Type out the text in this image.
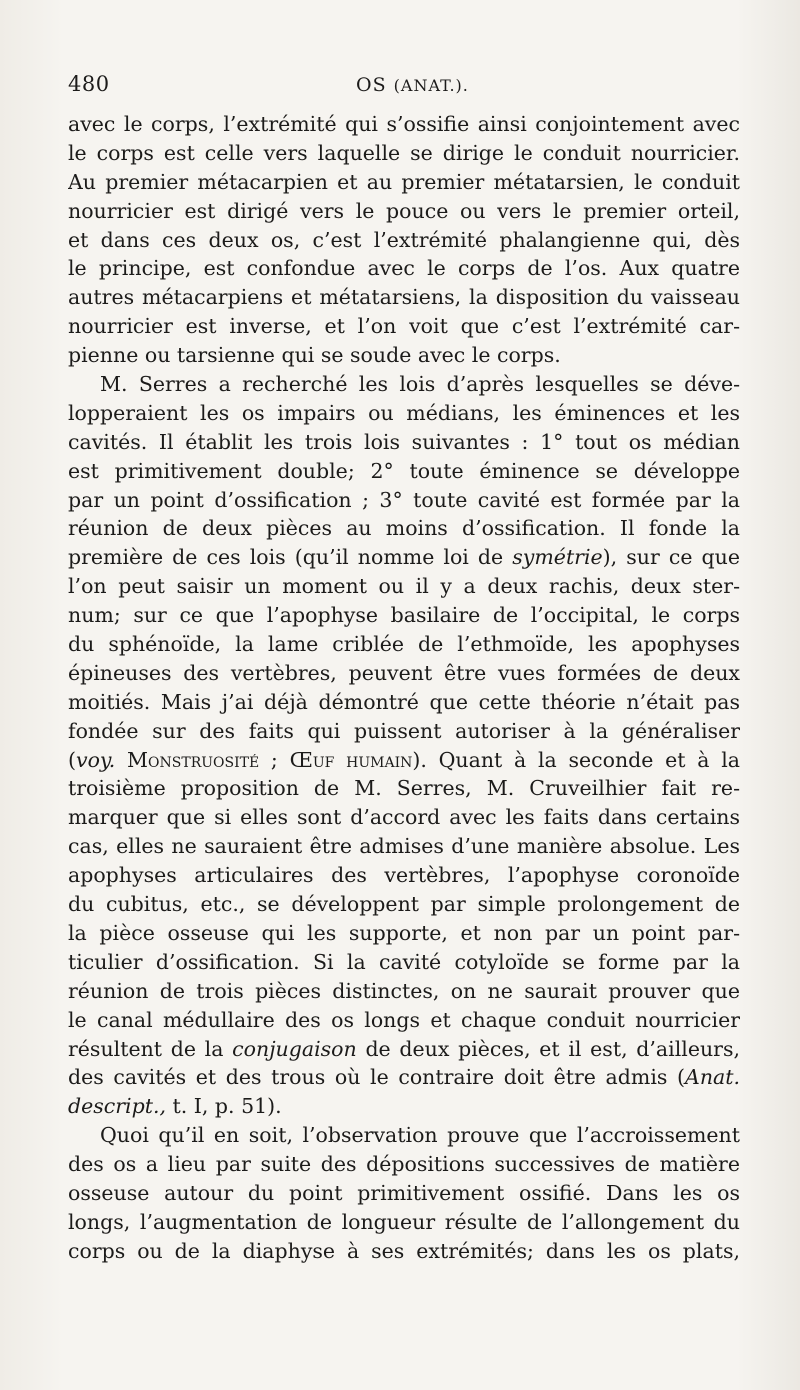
480	OS (ANAT.).
avec le corps, l’extrémité qui s’ossifie ainsi conjointement avec
le corps est celle vers laquelle se dirige le conduit nourricier.
Au premier métacarpien et au premier métatarsien, le conduit
nourricier est dirigé vers le pouce ou vers le premier orteil,
et dans ces deux os, c’est l’extrémité phalangienne qui, dès
le principe, est confondue avec le corps de l’os. Aux quatre
autres métacarpiens et métatarsiens, la disposition du vaisseau
nourricier est inverse, et l’on voit que c’est l’extrémité car-
pienne ou tarsienne qui se soude avec le corps.
M. Serres a recherché les lois d’après lesquelles se déve-
lopperaient les os impairs ou médians, les éminences et les
cavités. Il établit les trois lois suivantes : 1° tout os médian
est primitivement double; 2° toute éminence se développe
par un point d’ossification ; 3° toute cavité est formée par la
réunion de deux pièces au moins d’ossification. Il fonde la
première de ces lois (qu’il nomme loi de symétrie), sur ce que
l’on peut saisir un moment ou il y a deux rachis, deux ster-
num; sur ce que l’apophyse basilaire de l’occipital, le corps
du sphénoïde, la lame criblée de l’ethmoïde, les apophyses
épineuses des vertèbres, peuvent être vues formées de deux
moitiés. Mais j’ai déjà démontré que cette théorie n’était pas
fondée sur des faits qui puissent autoriser à la généraliser
(voy. Monstruosité ; Œuf humain). Quant à la seconde et à la
troisième proposition de M. Serres, M. Cruveilhier fait re-
marquer que si elles sont d’accord avec les faits dans certains
cas, elles ne sauraient être admises d’une manière absolue. Les
apophyses articulaires des vertèbres, l’apophyse coronoïde
du cubitus, etc., se développent par simple prolongement de
la pièce osseuse qui les supporte, et non par un point par-
ticulier d’ossification. Si la cavité cotyloïde se forme par la
réunion de trois pièces distinctes, on ne saurait prouver que
le canal médullaire des os longs et chaque conduit nourricier
résultent de la conjugaison de deux pièces, et il est, d’ailleurs,
des cavités et des trous où le contraire doit être admis (Anat.
descript., t. I, p. 51).
Quoi qu’il en soit, l’observation prouve que l’accroissement
des os a lieu par suite des dépositions successives de matière
osseuse autour du point primitivement ossifié. Dans les os
longs, l’augmentation de longueur résulte de l’allongement du
corps ou de la diaphyse à ses extrémités; dans les os plats,
